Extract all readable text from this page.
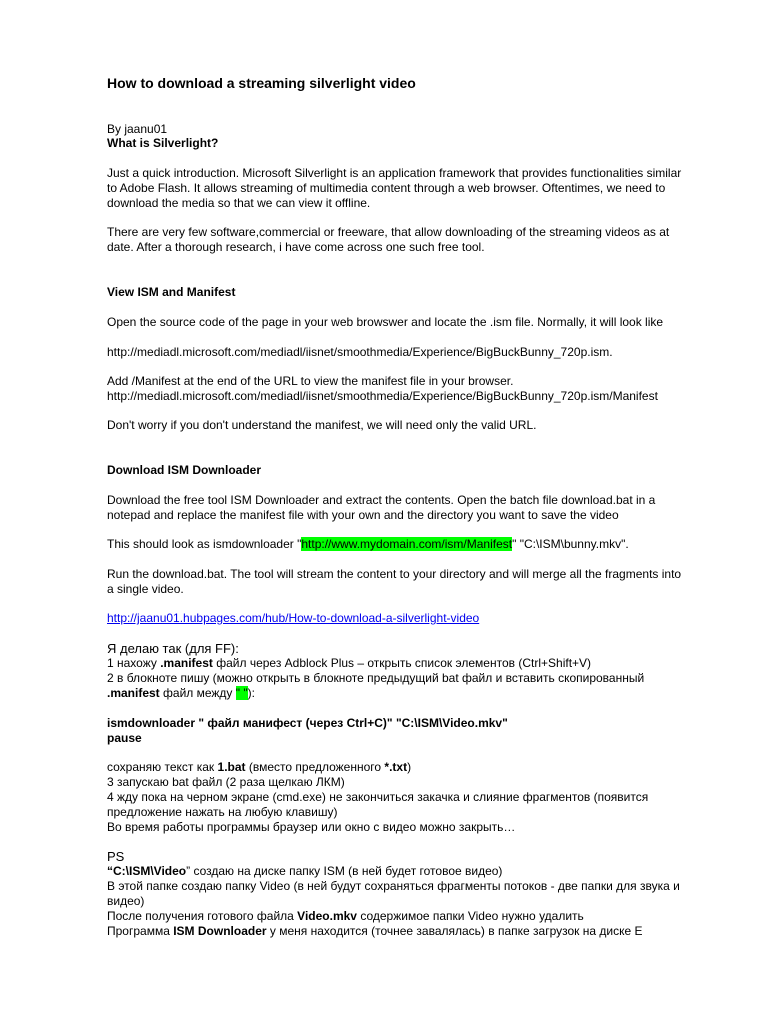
How to download a streaming silverlight video
By jaanu01
What is Silverlight?
Just a quick introduction. Microsoft Silverlight is an application framework that provides functionalities similar
to Adobe Flash. It allows streaming of multimedia content through a web browser. Oftentimes, we need to
download the media so that we can view it offline.
There are very few software,commercial or freeware, that allow downloading of the streaming videos as at
date. After a thorough research, i have come across one such free tool.
View ISM and Manifest
Open the source code of the page in your web browswer and locate the .ism file. Normally, it will look like
http://mediadl.microsoft.com/mediadl/iisnet/smoothmedia/Experience/BigBuckBunny_720p.ism.
Add /Manifest at the end of the URL to view the manifest file in your browser.
http://mediadl.microsoft.com/mediadl/iisnet/smoothmedia/Experience/BigBuckBunny_720p.ism/Manifest
Don't worry if you don't understand the manifest, we will need only the valid URL.
Download ISM Downloader
Download the free tool ISM Downloader and extract the contents. Open the batch file download.bat in a
notepad and replace the manifest file with your own and the directory you want to save the video
This should look as ismdownloader "http://www.mydomain.com/ism/Manifest" "C:\ISM\bunny.mkv".
Run the download.bat. The tool will stream the content to your directory and will merge all the fragments into
a single video.
http://jaanu01.hubpages.com/hub/How-to-download-a-silverlight-video
Я делаю так (для FF):
1 нахожу .manifest файл через Adblock Plus – открыть список элементов (Ctrl+Shift+V)
2 в блокноте пишу (можно открыть в блокноте предыдущий bat файл и вставить скопированный
.manifest файл между " "):
ismdownloader " файл манифест (через Ctrl+C)" "C:\ISM\Video.mkv"
pause
сохраняю текст как 1.bat (вместо предложенного *.txt)
3 запускаю bat файл (2 раза щелкаю ЛКМ)
4 жду пока на черном экране (cmd.exe) не закончиться закачка и слияние фрагментов (появится
предложение нажать на любую клавишу)
Во время работы программы браузер или окно с видео можно закрыть…
PS
“C:\ISM\Video” создаю на диске папку ISM (в ней будет готовое видео)
В этой папке создаю папку Video (в ней будут сохраняться фрагменты потоков - две папки для звука и
видео)
После получения готового файла Video.mkv содержимое папки Video нужно удалить
Программа ISM Downloader у меня находится (точнее завалялась) в папке загрузок на диске E
